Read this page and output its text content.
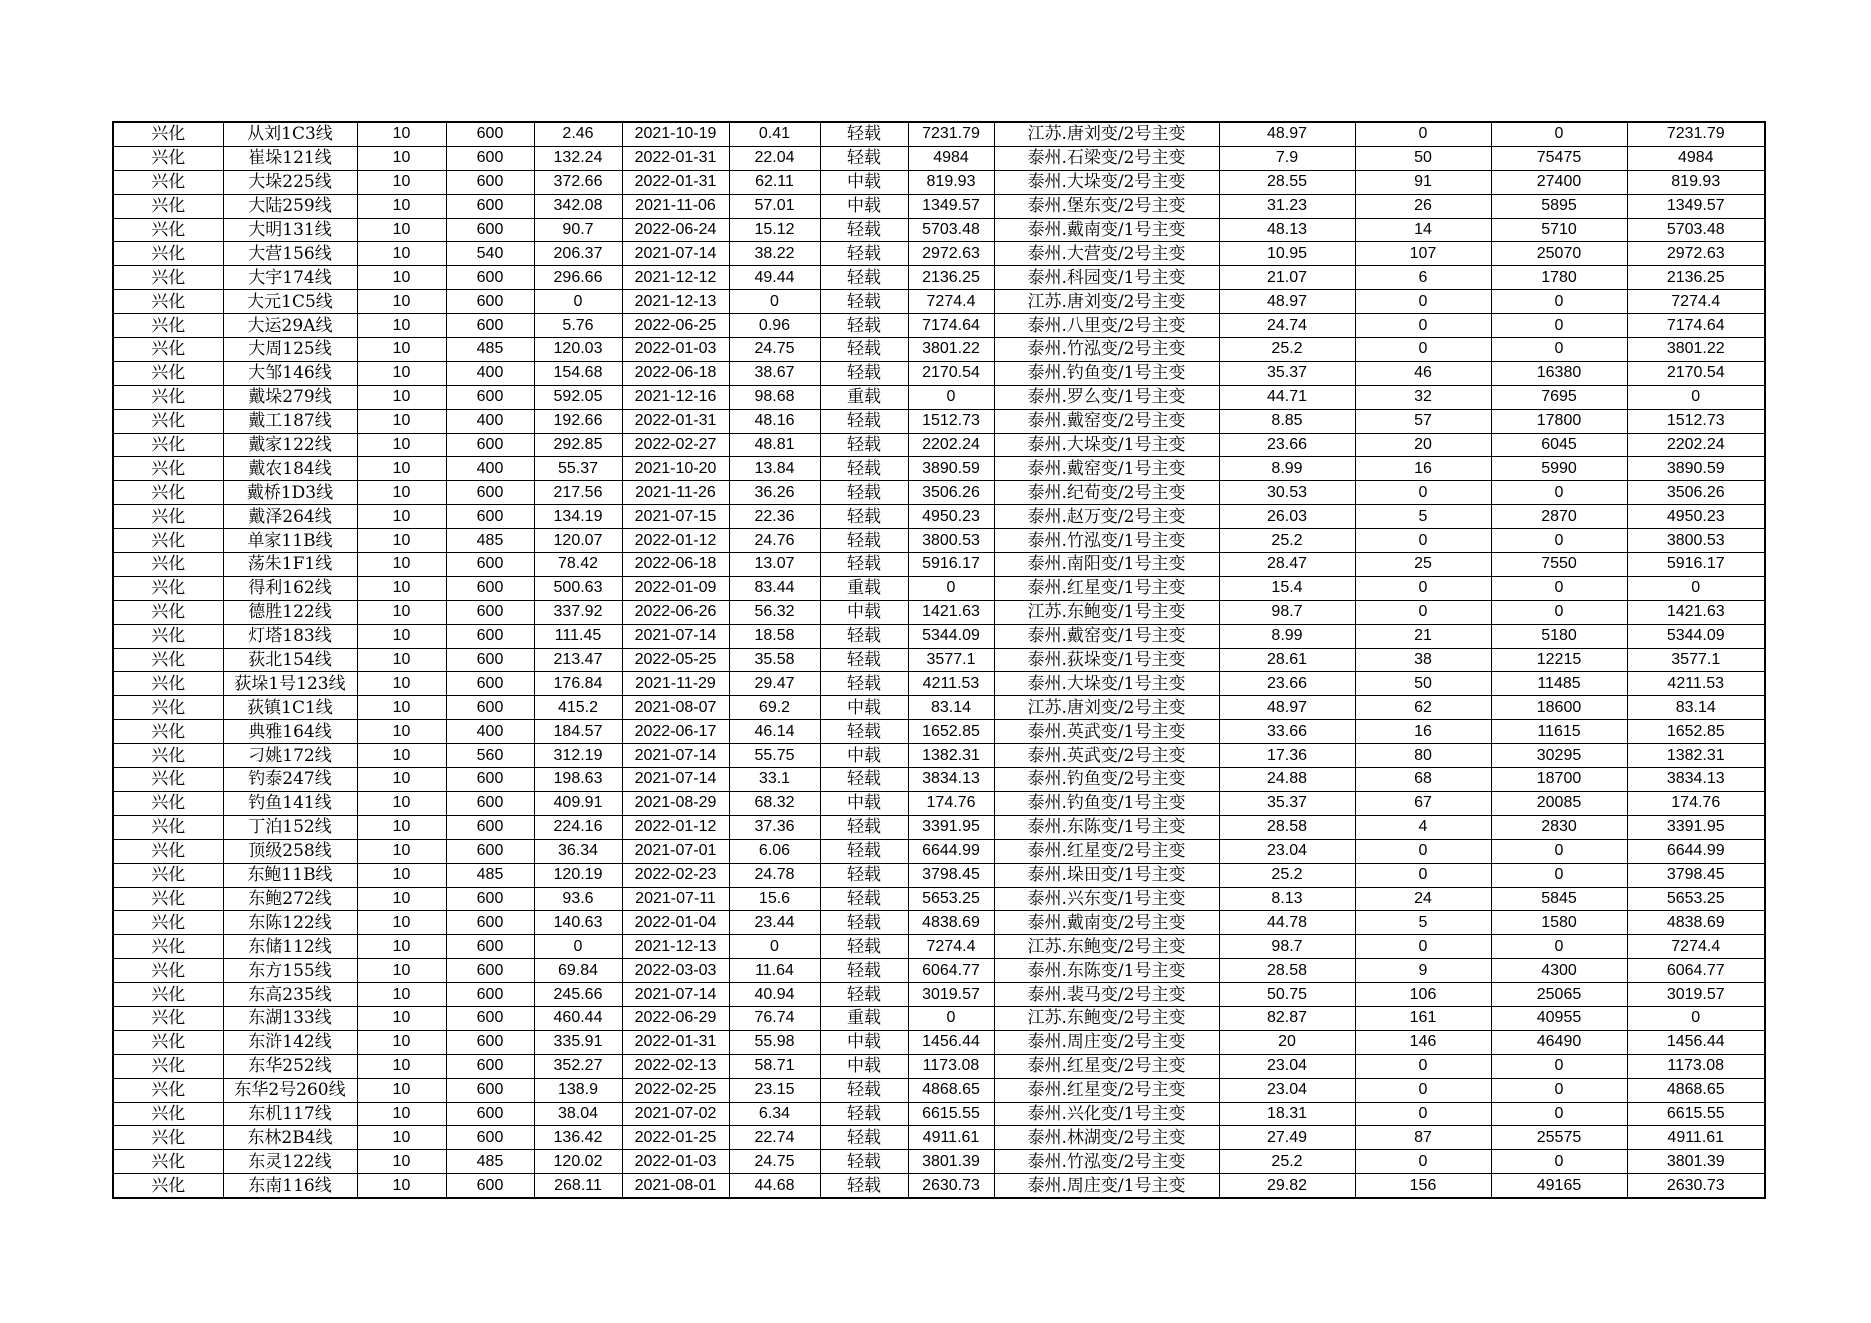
兴化	从刘1C3线	10	600	2.46	2021-10-19	0.41	轻载	7231.79	江苏.唐刘变/2号主变	48.97	0	0	7231.79
兴化	崔垛121线	10	600	132.24	2022-01-31	22.04	轻载	4984	泰州.石梁变/2号主变	7.9	50	75475	4984
兴化	大垛225线	10	600	372.66	2022-01-31	62.11	中载	819.93	泰州.大垛变/2号主变	28.55	91	27400	819.93
兴化	大陆259线	10	600	342.08	2021-11-06	57.01	中载	1349.57	泰州.堡东变/2号主变	31.23	26	5895	1349.57
兴化	大明131线	10	600	90.7	2022-06-24	15.12	轻载	5703.48	泰州.戴南变/1号主变	48.13	14	5710	5703.48
兴化	大营156线	10	540	206.37	2021-07-14	38.22	轻载	2972.63	泰州.大营变/2号主变	10.95	107	25070	2972.63
兴化	大宇174线	10	600	296.66	2021-12-12	49.44	轻载	2136.25	泰州.科园变/1号主变	21.07	6	1780	2136.25
兴化	大元1C5线	10	600	0	2021-12-13	0	轻载	7274.4	江苏.唐刘变/2号主变	48.97	0	0	7274.4
兴化	大运29A线	10	600	5.76	2022-06-25	0.96	轻载	7174.64	泰州.八里变/2号主变	24.74	0	0	7174.64
兴化	大周125线	10	485	120.03	2022-01-03	24.75	轻载	3801.22	泰州.竹泓变/2号主变	25.2	0	0	3801.22
兴化	大邹146线	10	400	154.68	2022-06-18	38.67	轻载	2170.54	泰州.钓鱼变/1号主变	35.37	46	16380	2170.54
兴化	戴垛279线	10	600	592.05	2021-12-16	98.68	重载	0	泰州.罗么变/1号主变	44.71	32	7695	0
兴化	戴工187线	10	400	192.66	2022-01-31	48.16	轻载	1512.73	泰州.戴窑变/2号主变	8.85	57	17800	1512.73
兴化	戴家122线	10	600	292.85	2022-02-27	48.81	轻载	2202.24	泰州.大垛变/1号主变	23.66	20	6045	2202.24
兴化	戴农184线	10	400	55.37	2021-10-20	13.84	轻载	3890.59	泰州.戴窑变/1号主变	8.99	16	5990	3890.59
兴化	戴桥1D3线	10	600	217.56	2021-11-26	36.26	轻载	3506.26	泰州.纪荀变/2号主变	30.53	0	0	3506.26
兴化	戴泽264线	10	600	134.19	2021-07-15	22.36	轻载	4950.23	泰州.赵万变/2号主变	26.03	5	2870	4950.23
兴化	单家11B线	10	485	120.07	2022-01-12	24.76	轻载	3800.53	泰州.竹泓变/1号主变	25.2	0	0	3800.53
兴化	荡朱1F1线	10	600	78.42	2022-06-18	13.07	轻载	5916.17	泰州.南阳变/1号主变	28.47	25	7550	5916.17
兴化	得利162线	10	600	500.63	2022-01-09	83.44	重载	0	泰州.红星变/1号主变	15.4	0	0	0
兴化	德胜122线	10	600	337.92	2022-06-26	56.32	中载	1421.63	江苏.东鲍变/1号主变	98.7	0	0	1421.63
兴化	灯塔183线	10	600	111.45	2021-07-14	18.58	轻载	5344.09	泰州.戴窑变/1号主变	8.99	21	5180	5344.09
兴化	荻北154线	10	600	213.47	2022-05-25	35.58	轻载	3577.1	泰州.荻垛变/1号主变	28.61	38	12215	3577.1
兴化	荻垛1号123线	10	600	176.84	2021-11-29	29.47	轻载	4211.53	泰州.大垛变/1号主变	23.66	50	11485	4211.53
兴化	荻镇1C1线	10	600	415.2	2021-08-07	69.2	中载	83.14	江苏.唐刘变/2号主变	48.97	62	18600	83.14
兴化	典雅164线	10	400	184.57	2022-06-17	46.14	轻载	1652.85	泰州.英武变/1号主变	33.66	16	11615	1652.85
兴化	刁姚172线	10	560	312.19	2021-07-14	55.75	中载	1382.31	泰州.英武变/2号主变	17.36	80	30295	1382.31
兴化	钓泰247线	10	600	198.63	2021-07-14	33.1	轻载	3834.13	泰州.钓鱼变/2号主变	24.88	68	18700	3834.13
兴化	钓鱼141线	10	600	409.91	2021-08-29	68.32	中载	174.76	泰州.钓鱼变/1号主变	35.37	67	20085	174.76
兴化	丁泊152线	10	600	224.16	2022-01-12	37.36	轻载	3391.95	泰州.东陈变/1号主变	28.58	4	2830	3391.95
兴化	顶级258线	10	600	36.34	2021-07-01	6.06	轻载	6644.99	泰州.红星变/2号主变	23.04	0	0	6644.99
兴化	东鲍11B线	10	485	120.19	2022-02-23	24.78	轻载	3798.45	泰州.垛田变/1号主变	25.2	0	0	3798.45
兴化	东鲍272线	10	600	93.6	2021-07-11	15.6	轻载	5653.25	泰州.兴东变/1号主变	8.13	24	5845	5653.25
兴化	东陈122线	10	600	140.63	2022-01-04	23.44	轻载	4838.69	泰州.戴南变/2号主变	44.78	5	1580	4838.69
兴化	东储112线	10	600	0	2021-12-13	0	轻载	7274.4	江苏.东鲍变/2号主变	98.7	0	0	7274.4
兴化	东方155线	10	600	69.84	2022-03-03	11.64	轻载	6064.77	泰州.东陈变/1号主变	28.58	9	4300	6064.77
兴化	东高235线	10	600	245.66	2021-07-14	40.94	轻载	3019.57	泰州.裴马变/2号主变	50.75	106	25065	3019.57
兴化	东湖133线	10	600	460.44	2022-06-29	76.74	重载	0	江苏.东鲍变/2号主变	82.87	161	40955	0
兴化	东浒142线	10	600	335.91	2022-01-31	55.98	中载	1456.44	泰州.周庄变/2号主变	20	146	46490	1456.44
兴化	东华252线	10	600	352.27	2022-02-13	58.71	中载	1173.08	泰州.红星变/2号主变	23.04	0	0	1173.08
兴化	东华2号260线	10	600	138.9	2022-02-25	23.15	轻载	4868.65	泰州.红星变/2号主变	23.04	0	0	4868.65
兴化	东机117线	10	600	38.04	2021-07-02	6.34	轻载	6615.55	泰州.兴化变/1号主变	18.31	0	0	6615.55
兴化	东林2B4线	10	600	136.42	2022-01-25	22.74	轻载	4911.61	泰州.林湖变/2号主变	27.49	87	25575	4911.61
兴化	东灵122线	10	485	120.02	2022-01-03	24.75	轻载	3801.39	泰州.竹泓变/2号主变	25.2	0	0	3801.39
兴化	东南116线	10	600	268.11	2021-08-01	44.68	轻载	2630.73	泰州.周庄变/1号主变	29.82	156	49165	2630.73
